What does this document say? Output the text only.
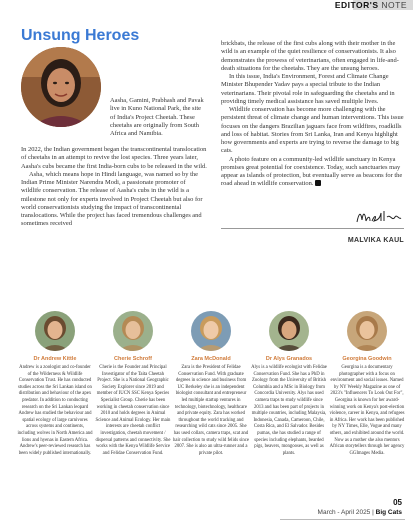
EDITOR'S NOTE
Unsung Heroes

Aasha, Gamini, Prabhash and Pavak live in Kuno National Park, the site of India's Project Cheetah. These cheetahs are originally from South Africa and Namibia.

In 2022, the Indian government began the transcontinental translocation of cheetahs in an attempt to revive the lost species. Three years later, Aasha's cubs became the first India-born cubs to be released in the wild.

Asha, which means hope in Hindi language, was named so by the Indian Prime Minister Narendra Modi, a passionate promoter of wildlife conservation. The release of Aasha's cubs in the wild is a milestone not only for experts involved in Project Cheetah but also for world conservationists studying the impact of transcontinental translocations. While the project has faced tremendous challenges and sometimes received

brickbats, the release of the first cubs along with their mother in the wild is an example of the quiet resilience of conservationists. It also demonstrates the prowess of veterinarians, often engaged in life-and-death situations for the cheetahs. They are the unsung heroes.

In this issue, India's Environment, Forest and Climate Change Minister Bhupender Yadav pays a special tribute to the Indian veterinarians. Their pivotal role in safeguarding the cheetahs and in providing timely medical assistance has saved multiple lives.

Wildlife conservation has become more challenging with the persistent threat of climate change and human interventions. This issue focuses on the dangers Brazilian jaguars face from wildfires, roadkills and loss of habitat. Stories from Sri Lanka, Iran and Kenya highlight how governments and experts are trying to reverse the damage to big cats.

A photo feature on a community-led wildlife sanctuary in Kenya promises great potential for coexistence. Today, such sanctuaries may appear as islands of protection, but eventually serve as beacons for the road ahead in wildlife conservation.

MALVIKA KAUL
Dr Andrew Kittle
Andrew is a zoologist and co-founder of the Wilderness & Wildlife Conservation Trust. He has conducted studies across the Sri Lankan island on distribution and behaviour of the apex predator. In addition to conducting research on the Sri Lankan leopard Andrew has studied the behaviour and spatial ecology of large carnivores across systems and continents, including wolves in North America and lions and hyenas in Eastern Africa. Andrew's peer-reviewed research has been widely published internationally.
Cherie Schroff
Cherie is the Founder and Principal Investigator of the Taita Cheetah Project. She is a National Geographic Society Explorer since 2019 and member of IUCN SSC Kenya Species Specialist Group. Cherie has been working in cheetah conservation since 2010 and holds degrees in Animal Science and Animal Ecology. Her main interests are cheetah conflict investigation, cheetah movement / dispersal patterns and connectivity. She works with the Kenya Wildlife Service and Felidae Conservation Fund.
Zara McDonald
Zara is the President of Felidae Conservation Fund. With graduate degrees in science and business from UC Berkeley she is an independent biologist consultant and entrepreneur led multiple startup ventures in technology, biotechnology, healthcare and private equity. Zara has worked throughout the world tracking and researching wild cats since 2005. She has used collars, camera traps, scat and hair collection to study wild felids since 2007. She is also an ultra-runner and a private pilot.
Dr Alys Granados
Alys is a wildlife ecologist with Felidae Conservation Fund. She has a PhD in Zoology from the University of British Columbia and a MSc in Biology from Concordia University. Alys has used camera traps to study wildlife since 2013 and has been part of projects in multiple countries, including Malaysia, Indonesia, Canada, Cameroon, Chile, Costa Rica, and El Salvador. Besides pumas, she has studied a range of species including elephants, bearded pigs, beavers, mongooses, as well as plants.
Georgina Goodwin
Georgina is a documentary photographer with a focus on environment and social issues. Named by NY Weekly Magazine as one of 2023's "Influencers To Look Out For", Georgina is known for her award-winning work on Kenya's post-election violence, career in Kenya, and refugees in Africa. Her work has been published by NY Times, Elle, Vogue and many others, and exhibited around the world. Now as a mother she also mentors African storytellers through her agency GGImages Media.
05
March - April 2025 | Big Cats
